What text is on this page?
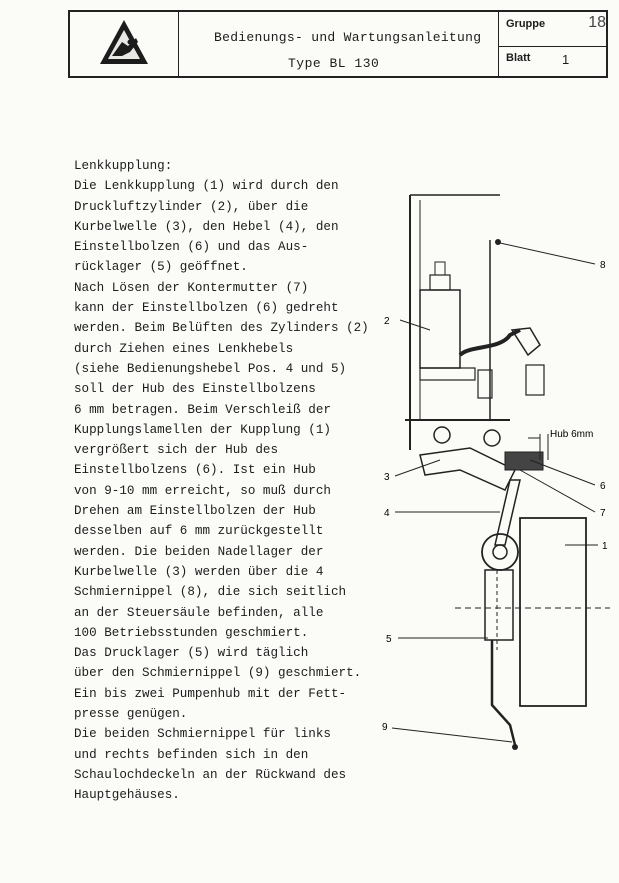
Bedienungs- und Wartungsanleitung
Type BL 130
Gruppe	18
Blatt 1
Lenkkupplung:
Die Lenkkupplung (1) wird durch den
Druckluftzylinder (2), über die
Kurbelwelle (3), den Hebel (4), den
Einstellbolzen (6) und das Aus-
rücklager (5) geöffnet.
Nach Lösen der Kontermutter (7)
kann der Einstellbolzen (6) gedreht
werden. Beim Belüften des Zylinders (2)
durch Ziehen eines Lenkhebels
(siehe Bedienungshebel Pos. 4 und 5)
soll der Hub des Einstellbolzens
6 mm betragen. Beim Verschleiß der
Kupplungslamellen der Kupplung (1)
vergrößert sich der Hub des
Einstellbolzens (6). Ist ein Hub
von 9-10 mm erreicht, so muß durch
Drehen am Einstellbolzen der Hub
desselben auf 6 mm zurückgestellt
werden. Die beiden Nadellager der
Kurbelwelle (3) werden über die 4
Schmiernippel (8), die sich seitlich
an der Steuersäule befinden, alle
100 Betriebsstunden geschmiert.
Das Drucklager (5) wird täglich
über den Schmiernippel (9) geschmiert.
Ein bis zwei Pumpenhub mit der Fett-
presse genügen.
Die beiden Schmiernippel für links
und rechts befinden sich in den
Schaulochdeckeln an der Rückwand des
Hauptgehäuses.
Hub 6mm
1
2
3
4
5
6
7
8
9
